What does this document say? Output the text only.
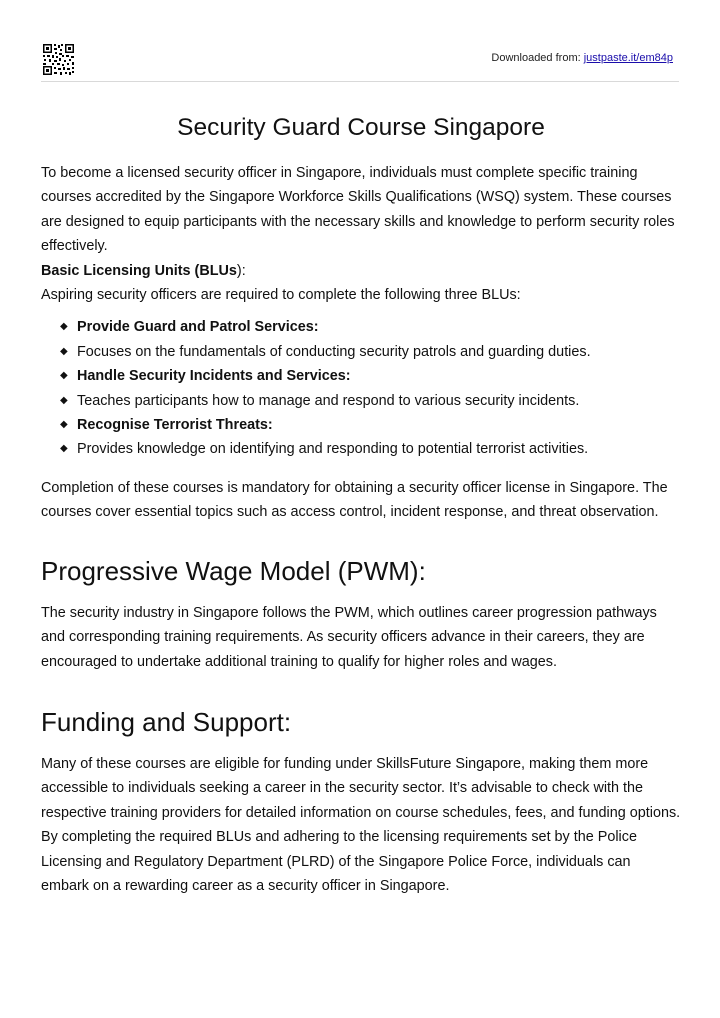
Downloaded from: justpaste.it/em84p
Security Guard Course Singapore

To become a licensed security officer in Singapore, individuals must complete specific training courses accredited by the Singapore Workforce Skills Qualifications (WSQ) system. These courses are designed to equip participants with the necessary skills and knowledge to perform security roles effectively.

Basic Licensing Units (BLUs):

Aspiring security officers are required to complete the following three BLUs:

◆ Provide Guard and Patrol Services:
◆ Focuses on the fundamentals of conducting security patrols and guarding duties.
◆ Handle Security Incidents and Services:
◆ Teaches participants how to manage and respond to various security incidents.
◆ Recognise Terrorist Threats:
◆ Provides knowledge on identifying and responding to potential terrorist activities.

Completion of these courses is mandatory for obtaining a security officer license in Singapore. The courses cover essential topics such as access control, incident response, and threat observation.

Progressive Wage Model (PWM):

The security industry in Singapore follows the PWM, which outlines career progression pathways and corresponding training requirements. As security officers advance in their careers, they are encouraged to undertake additional training to qualify for higher roles and wages.

Funding and Support:

Many of these courses are eligible for funding under SkillsFuture Singapore, making them more accessible to individuals seeking a career in the security sector. It’s advisable to check with the respective training providers for detailed information on course schedules, fees, and funding options.

By completing the required BLUs and adhering to the licensing requirements set by the Police Licensing and Regulatory Department (PLRD) of the Singapore Police Force, individuals can embark on a rewarding career as a security officer in Singapore.
